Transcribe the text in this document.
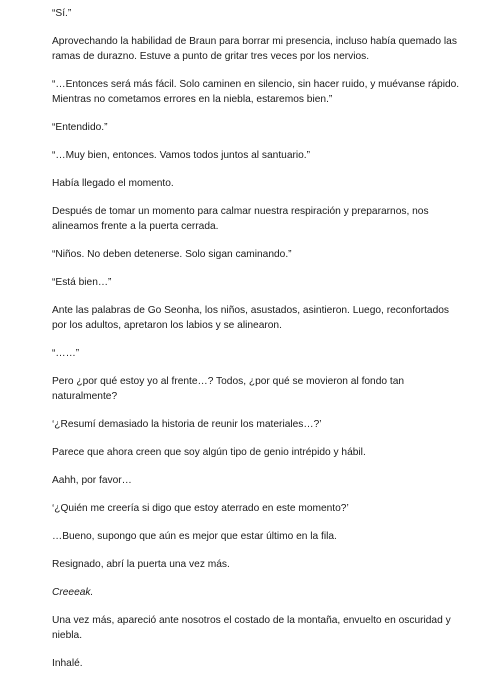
“Sí.”

Aprovechando la habilidad de Braun para borrar mi presencia, incluso había quemado las ramas de durazno. Estuve a punto de gritar tres veces por los nervios.

“…Entonces será más fácil. Solo caminen en silencio, sin hacer ruido, y muévanse rápido. Mientras no cometamos errores en la niebla, estaremos bien.”

“Entendido.”

“…Muy bien, entonces. Vamos todos juntos al santuario.”

Había llegado el momento.

Después de tomar un momento para calmar nuestra respiración y prepararnos, nos alineamos frente a la puerta cerrada.

“Niños. No deben detenerse. Solo sigan caminando.”

“Está bien…”

Ante las palabras de Go Seonha, los niños, asustados, asintieron. Luego, reconfortados por los adultos, apretaron los labios y se alinearon.

“……”

Pero ¿por qué estoy yo al frente…? Todos, ¿por qué se movieron al fondo tan naturalmente?

‘¿Resumí demasiado la historia de reunir los materiales…?’

Parece que ahora creen que soy algún tipo de genio intrépido y hábil.

Aahh, por favor…

‘¿Quién me creería si digo que estoy aterrado en este momento?’

…Bueno, supongo que aún es mejor que estar último en la fila.

Resignado, abrí la puerta una vez más.

Creeeak.

Una vez más, apareció ante nosotros el costado de la montaña, envuelto en oscuridad y niebla.

Inhalé.
